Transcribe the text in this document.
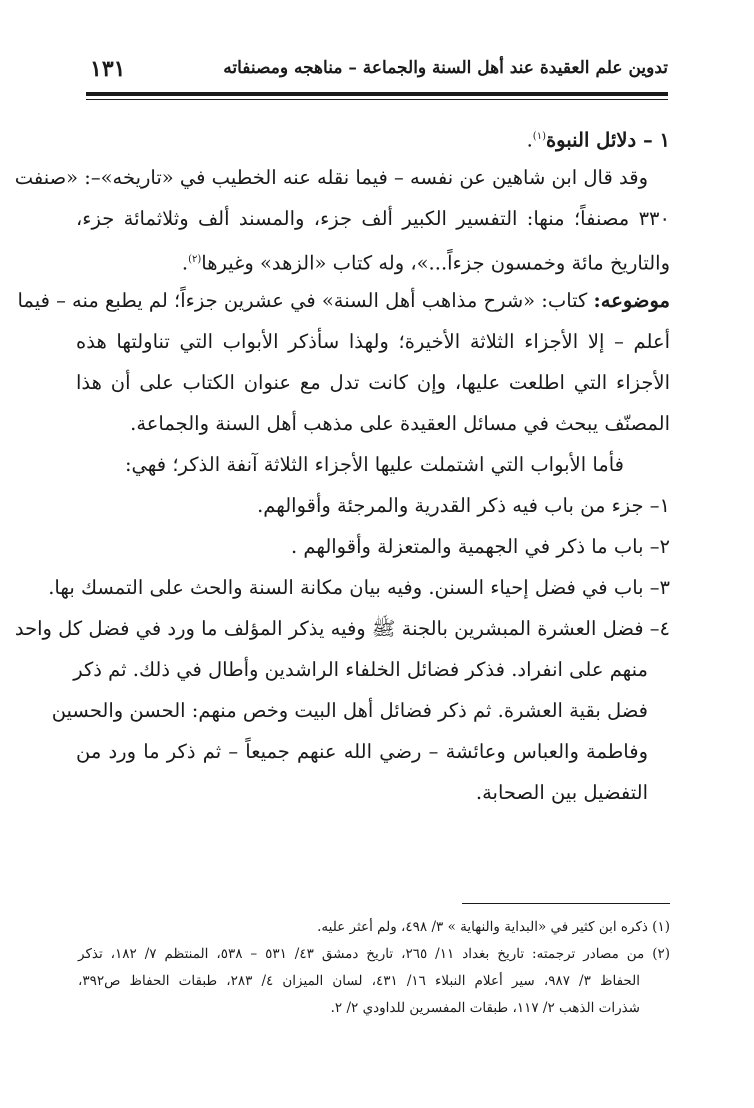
تدوين علم العقيدة عند أهل السنة والجماعة – مناهجه ومصنفاته
١٣١
١ – دلائل النبوة$^{(١)}$.
وقد قال ابن شاهين عن نفسه – فيما نقله عنه الخطيب في «تاريخه»–: «صنفت
٣٣٠ مصنفاً؛ منها: التفسير الكبير ألف جزء، والمسند ألف وثلاثمائة جزء،
والتاريخ مائة وخمسون جزءاً...»، وله كتاب «الزهد» وغيرها$^{(٢)}$.
موضوعه: كتاب: «شرح مذاهب أهل السنة» في عشرين جزءاً؛ لم يطبع منه – فيما
أعلم – إلا الأجزاء الثلاثة الأخيرة؛ ولهذا سأذكر الأبواب التي تناولتها هذه
الأجزاء التي اطلعت عليها، وإن كانت تدل مع عنوان الكتاب على أن هذا
المصنّف يبحث في مسائل العقيدة على مذهب أهل السنة والجماعة.
فأما الأبواب التي اشتملت عليها الأجزاء الثلاثة آنفة الذكر؛ فهي:
١– جزء من باب فيه ذكر القدرية والمرجئة وأقوالهم.
٢– باب ما ذكر في الجهمية والمتعزلة وأقوالهم .
٣– باب في فضل إحياء السنن. وفيه بيان مكانة السنة والحث على التمسك بها.
٤– فضل العشرة المبشرين بالجنة ﷺ وفيه يذكر المؤلف ما ورد في فضل كل واحد
منهم على انفراد. فذكر فضائل الخلفاء الراشدين وأطال في ذلك. ثم ذكر
فضل بقية العشرة. ثم ذكر فضائل أهل البيت وخص منهم: الحسن والحسين
وفاطمة والعباس وعائشة – رضي الله عنهم جميعاً – ثم ذكر ما ورد من
التفضيل بين الصحابة.
(١) ذكره ابن كثير في «البداية والنهاية » ٣/ ٤٩٨، ولم أعثر عليه.
(٢) من مصادر ترجمته: تاريخ بغداد ١١/ ٢٦٥، تاريخ دمشق ٤٣/ ٥٣١ – ٥٣٨، المنتظم ٧/ ١٨٢، تذكر
الحفاظ ٣/ ٩٨٧، سير أعلام النبلاء ١٦/ ٤٣١، لسان الميزان ٤/ ٢٨٣، طبقات الحفاظ ص٣٩٢،
شذرات الذهب ٢/ ١١٧، طبقات المفسرين للداودي ٢/ ٢.
